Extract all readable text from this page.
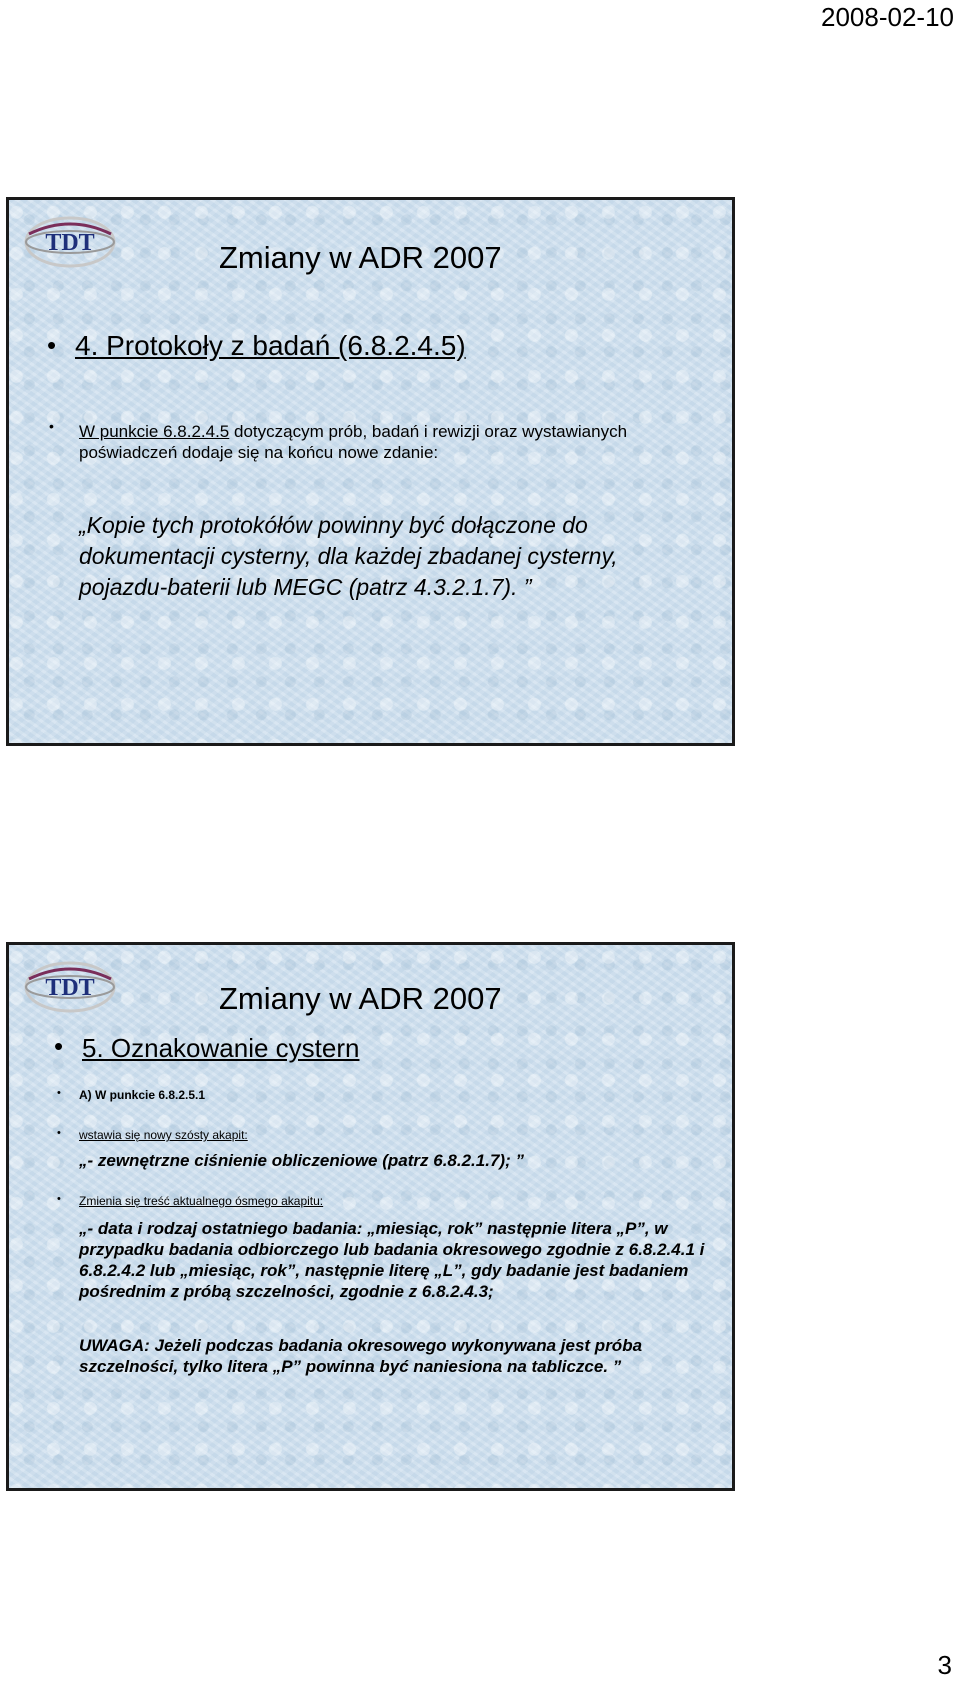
2008-02-10
TDT	Zmiany w ADR 2007
• 4. Protokoły z badań (6.8.2.4.5)
• W punkcie 6.8.2.4.5 dotyczącym prób, badań i rewizji oraz wystawianych poświadczeń dodaje się na końcu nowe zdanie:
„Kopie tych protokółów powinny być dołączone do dokumentacji cysterny, dla każdej zbadanej cysterny, pojazdu-baterii lub MEGC (patrz 4.3.2.1.7). ”
TDT	Zmiany w ADR 2007
• 5. Oznakowanie cystern
• A) W punkcie 6.8.2.5.1
• wstawia się nowy szósty akapit:
„- zewnętrzne ciśnienie obliczeniowe (patrz 6.8.2.1.7); ”
• Zmienia się treść aktualnego ósmego akapitu:
„- data i rodzaj ostatniego badania: „miesiąc, rok” następnie litera „P”, w przypadku badania odbiorczego lub badania okresowego zgodnie z 6.8.2.4.1 i 6.8.2.4.2 lub „miesiąc, rok”, następnie literę „L”, gdy badanie jest badaniem pośrednim z próbą szczelności, zgodnie z 6.8.2.4.3;
UWAGA: Jeżeli podczas badania okresowego wykonywana jest próba szczelności, tylko litera „P” powinna być naniesiona na tabliczce. ”
3
